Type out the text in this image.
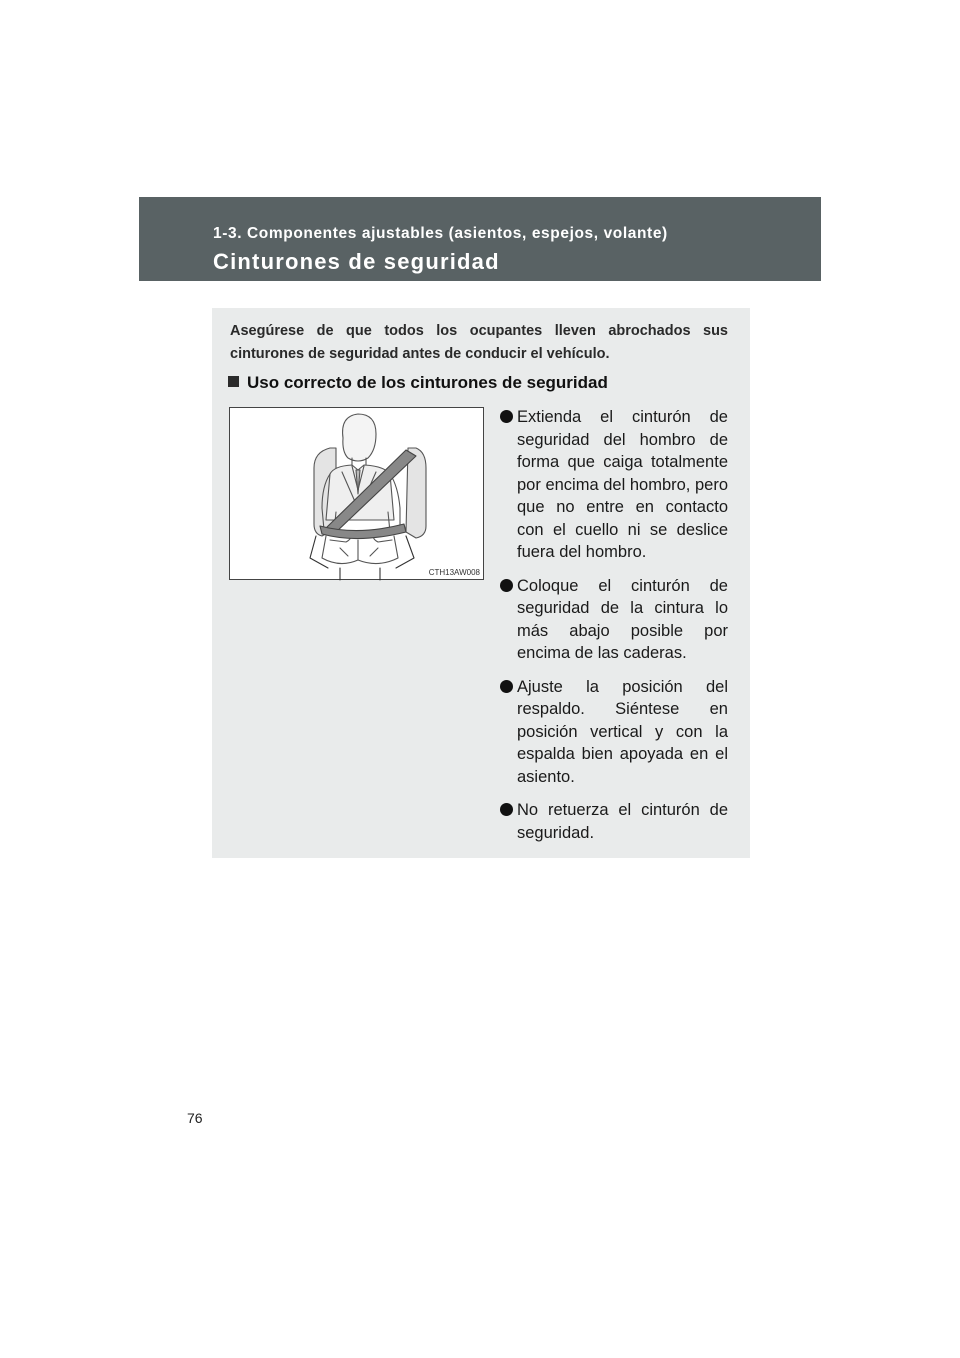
1-3. Componentes ajustables (asientos, espejos, volante)
Cinturones de seguridad
Asegúrese de que todos los ocupantes lleven abrochados sus cinturones de seguridad antes de conducir el vehículo.
Uso correcto de los cinturones de seguridad
CTH13AW008
Extienda el cinturón de seguridad del hombro de forma que caiga totalmente por encima del hombro, pero que no entre en contacto con el cuello ni se deslice fuera del hombro.
Coloque el cinturón de seguridad de la cintura lo más abajo posible por encima de las caderas.
Ajuste la posición del respaldo. Siéntese en posición vertical y con la espalda bien apoyada en el asiento.
No retuerza el cinturón de seguridad.
76
